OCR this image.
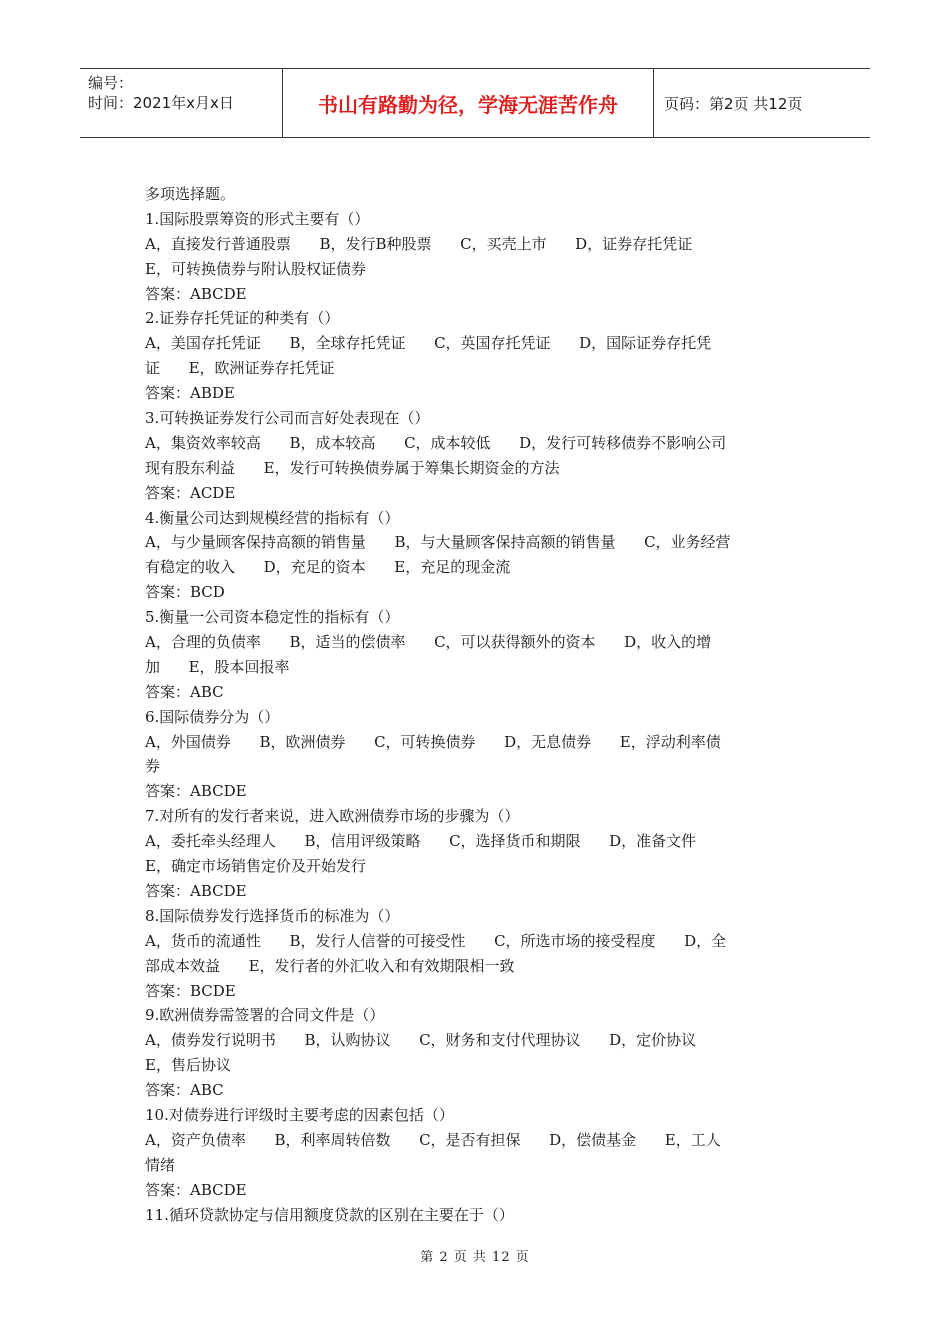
编号：
时间：2021年x月x日	书山有路勤为径，学海无涯苦作舟	页码：第2页 共12页
多项选择题。
1.国际股票筹资的形式主要有（）
A，直接发行普通股票      B，发行B种股票      C，买壳上市      D，证券存托凭证
E，可转换债券与附认股权证债券
答案：ABCDE
2.证券存托凭证的种类有（）
A，美国存托凭证      B，全球存托凭证      C，英国存托凭证      D，国际证券存托凭
证      E，欧洲证券存托凭证
答案：ABDE
3.可转换证券发行公司而言好处表现在（）
A，集资效率较高      B，成本较高      C，成本较低      D，发行可转移债券不影响公司
现有股东利益      E，发行可转换债券属于筹集长期资金的方法
答案：ACDE
4.衡量公司达到规模经营的指标有（）
A，与少量顾客保持高额的销售量      B，与大量顾客保持高额的销售量      C，业务经营
有稳定的收入      D，充足的资本      E，充足的现金流
答案：BCD
5.衡量一公司资本稳定性的指标有（）
A，合理的负债率      B，适当的偿债率      C，可以获得额外的资本      D，收入的增
加      E，股本回报率
答案：ABC
6.国际债券分为（）
A，外国债券      B，欧洲债券      C，可转换债券      D，无息债券      E，浮动利率债
券
答案：ABCDE
7.对所有的发行者来说，进入欧洲债券市场的步骤为（）
A，委托牵头经理人      B，信用评级策略      C，选择货币和期限      D，准备文件
E，确定市场销售定价及开始发行
答案：ABCDE
8.国际债券发行选择货币的标准为（）
A，货币的流通性      B，发行人信誉的可接受性      C，所选市场的接受程度      D，全
部成本效益      E，发行者的外汇收入和有效期限相一致
答案：BCDE
9.欧洲债券需签署的合同文件是（）
A，债券发行说明书      B，认购协议      C，财务和支付代理协议      D，定价协议
E，售后协议
答案：ABC
10.对债券进行评级时主要考虑的因素包括（）
A，资产负债率      B，利率周转倍数      C，是否有担保      D，偿债基金      E，工人
情绪
答案：ABCDE
11.循环贷款协定与信用额度贷款的区别在主要在于（）
第 2 页 共 12 页
